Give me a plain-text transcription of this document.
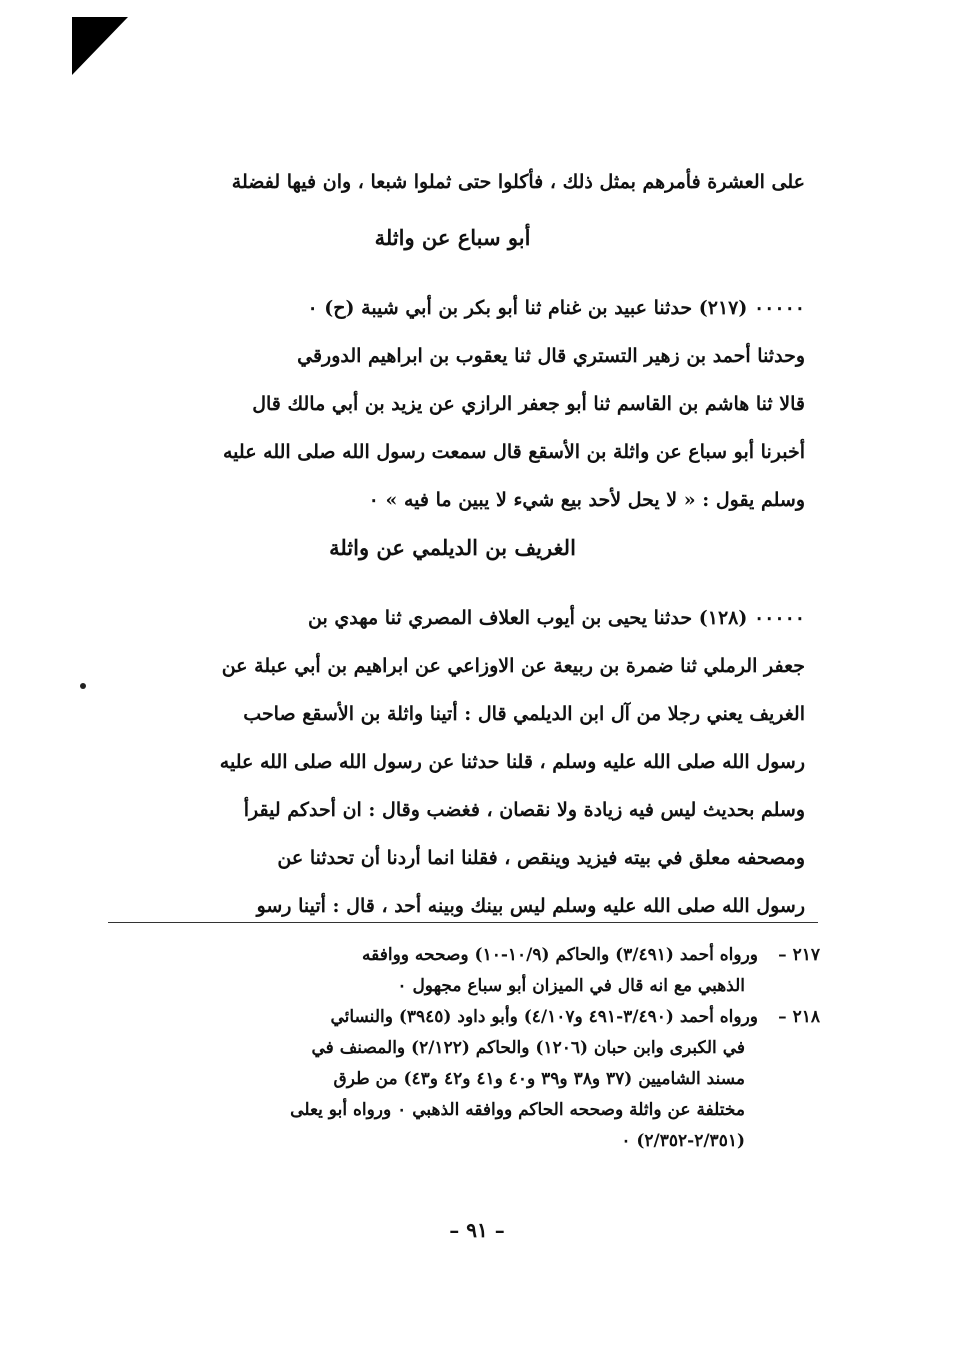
على العشرة فأمرهم بمثل ذلك ، فأكلوا حتى ثملوا شبعا ، وان فيها لفضلة
أبو سباع عن واثلة
٠٠٠٠٠ (٢١٧) حدثنا عبيد بن غنام ثنا أبو بكر بن أبي شيبة (ح) ٠
وحدثنا أحمد بن زهير التستري قال ثنا يعقوب بن ابراهيم الدورقي
قالا ثنا هاشم بن القاسم ثنا أبو جعفر الرازي عن يزيد بن أبي مالك قال
أخبرنا أبو سباع عن واثلة بن الأسقع قال سمعت رسول الله صلى الله عليه
وسلم يقول : « لا يحل لأحد بيع شيء لا يبين ما فيه » ٠
الغريف بن الديلمي عن واثلة
٠٠٠٠٠ (١٢٨) حدثنا يحيى بن أيوب العلاف المصري ثنا مهدي بن
جعفر الرملي ثنا ضمرة بن ربيعة عن الاوزاعي عن ابراهيم بن أبي عبلة عن
الغريف يعني رجلا من آل ابن الديلمي قال : أتينا واثلة بن الأسقع صاحب
رسول الله صلى الله عليه وسلم ، قلنا حدثنا عن رسول الله صلى الله عليه
وسلم بحديث ليس فيه زيادة ولا نقصان ، فغضب وقال : ان أحدكم ليقرأ
ومصحفه معلق في بيته فيزيد وينقص ، فقلنا انما أردنا أن تحدثنا عن
رسول الله صلى الله عليه وسلم ليس بينك وبينه أحد ، قال : أتينا رسو
٢١٧ –ورواه أحمد (٣/٤٩١) والحاكم (١٠/٩-١٠) وصححه ووافقه
الذهبي مع انه قال في الميزان أبو سباع مجهول ٠
٢١٨ –ورواه أحمد (٣/٤٩٠-٤٩١ و٤/١٠٧) وأبو داود (٣٩٤٥) والنسائي
في الكبرى وابن حبان (١٢٠٦) والحاكم (٢/١٢٢) والمصنف في
مسند الشاميين (٣٧ و٣٨ و٣٩ و٤٠ و٤١ و٤٢ و٤٣) من طرق
مختلفة عن واثلة وصححه الحاكم ووافقه الذهبي ٠ ورواه أبو يعلى
(٢/٣٥١-٢/٣٥٢) ٠
– ٩١ –
